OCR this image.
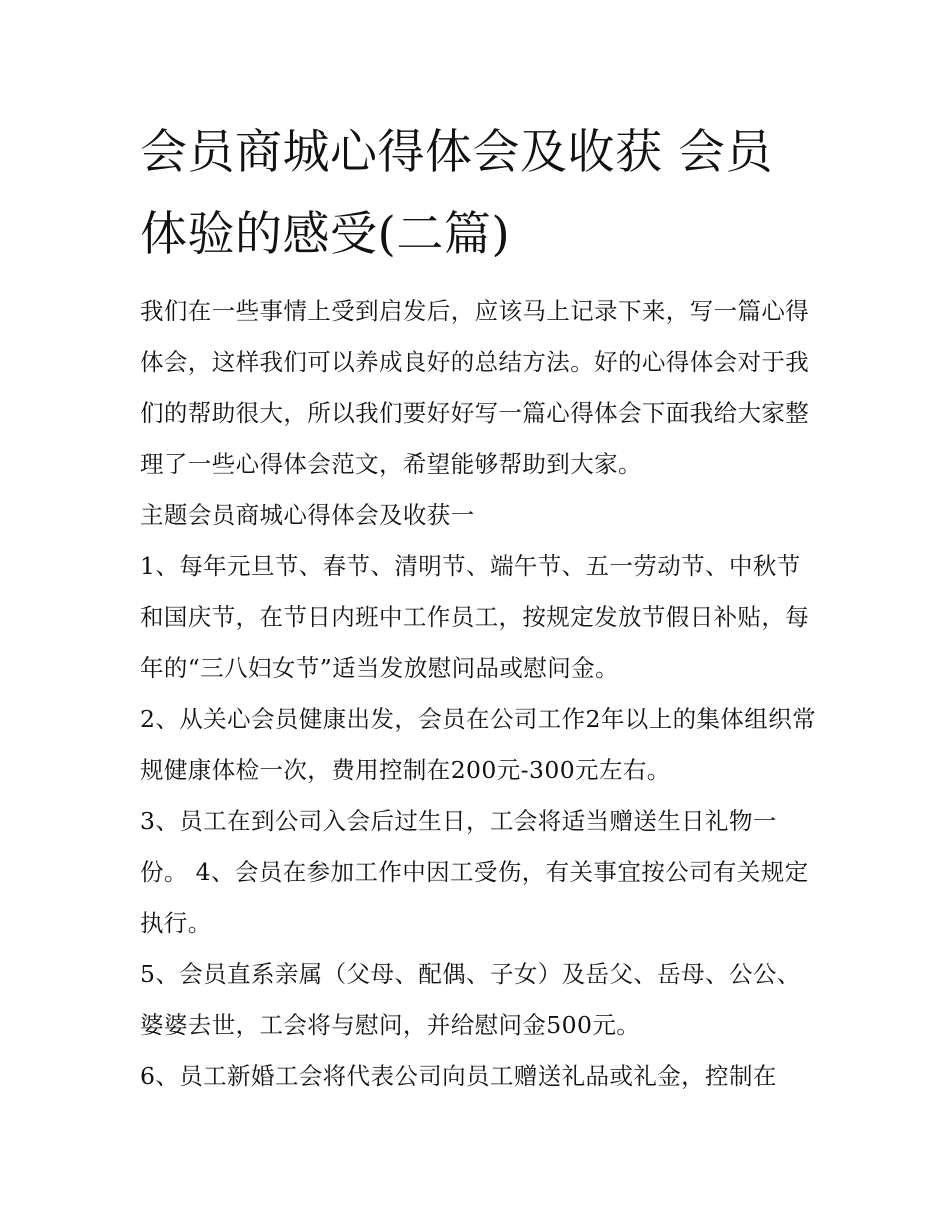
会员商城心得体会及收获 会员体验的感受(二篇)

我们在一些事情上受到启发后，应该马上记录下来，写一篇心得体会，这样我们可以养成良好的总结方法。好的心得体会对于我们的帮助很大，所以我们要好好写一篇心得体会下面我给大家整理了一些心得体会范文，希望能够帮助到大家。

主题会员商城心得体会及收获一

1、每年元旦节、春节、清明节、端午节、五一劳动节、中秋节和国庆节，在节日内班中工作员工，按规定发放节假日补贴，每年的“三八妇女节”适当发放慰问品或慰问金。

2、从关心会员健康出发，会员在公司工作2年以上的集体组织常规健康体检一次，费用控制在200元-300元左右。

3、员工在到公司入会后过生日，工会将适当赠送生日礼物一份。 4、会员在参加工作中因工受伤，有关事宜按公司有关规定执行。

5、会员直系亲属（父母、配偶、子女）及岳父、岳母、公公、婆婆去世，工会将与慰问，并给慰问金500元。

6、员工新婚工会将代表公司向员工赠送礼品或礼金，控制在
